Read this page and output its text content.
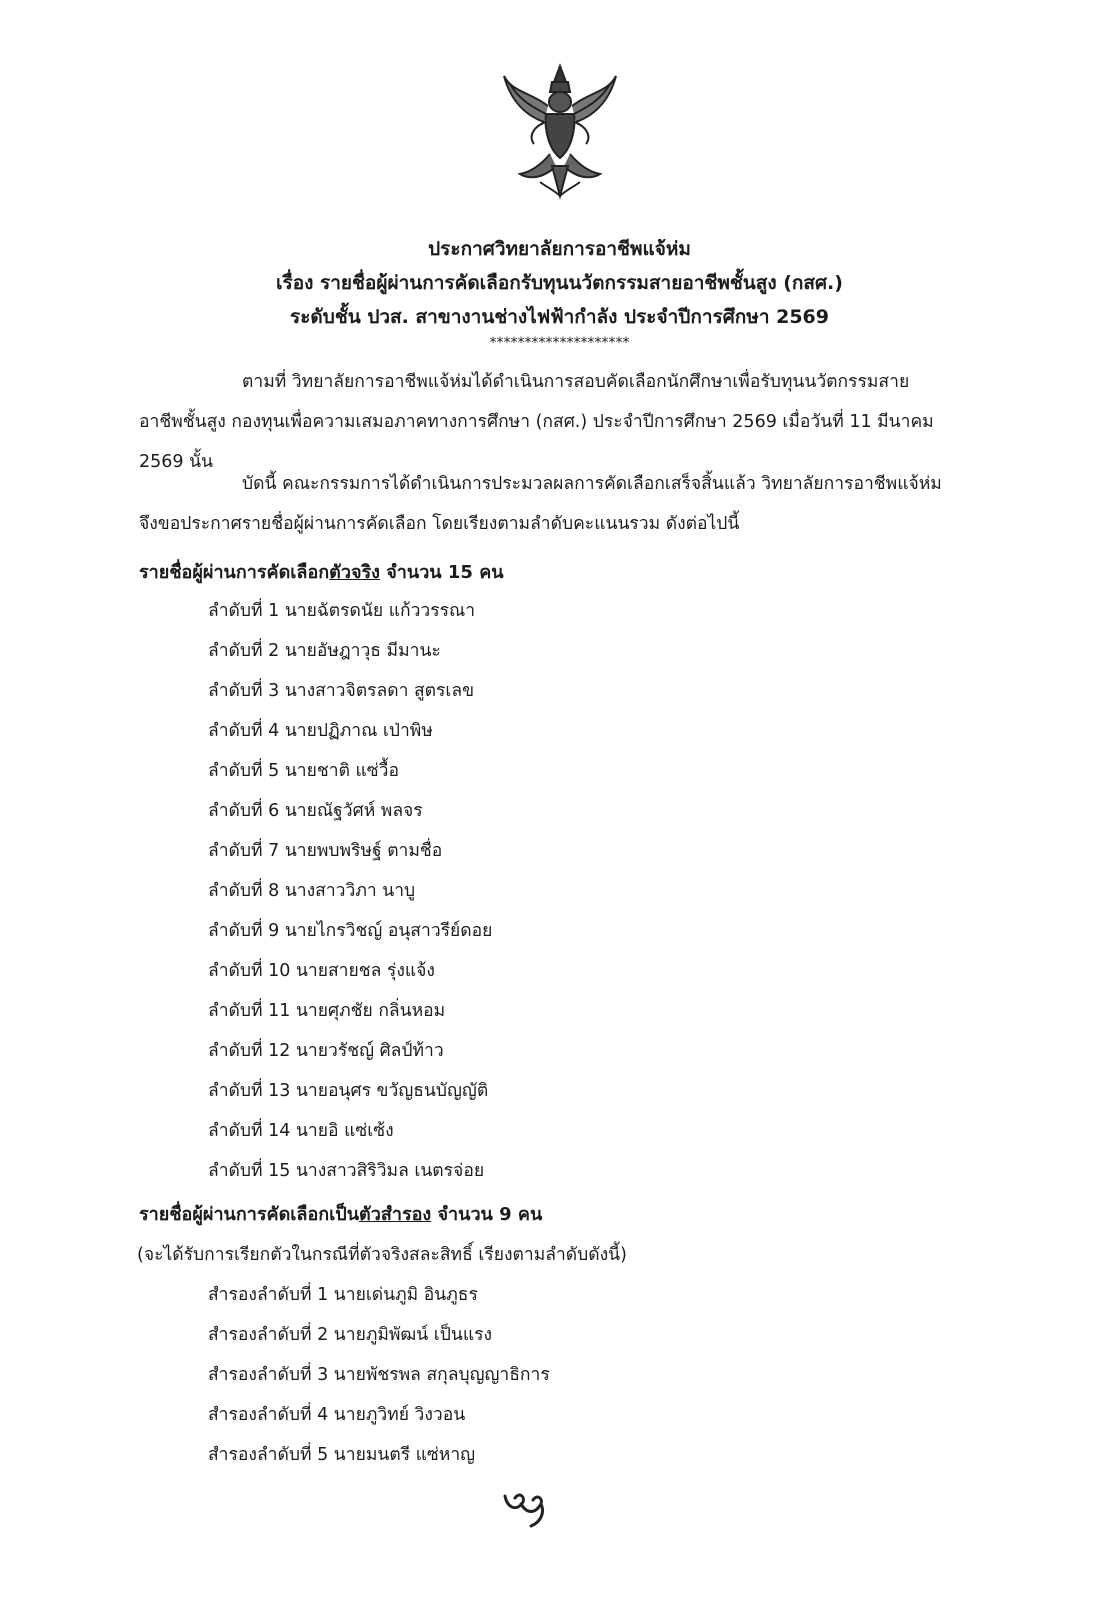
ประกาศวิทยาลัยการอาชีพแจ้ห่ม
เรื่อง รายชื่อผู้ผ่านการคัดเลือกรับทุนนวัตกรรมสายอาชีพชั้นสูง (กสศ.)
ระดับชั้น ปวส. สาขางานช่างไฟฟ้ากำลัง ประจำปีการศึกษา 2569
********************
ตามที่ วิทยาลัยการอาชีพแจ้ห่มได้ดำเนินการสอบคัดเลือกนักศึกษาเพื่อรับทุนนวัตกรรมสาย
อาชีพชั้นสูง กองทุนเพื่อความเสมอภาคทางการศึกษา (กสศ.) ประจำปีการศึกษา 2569 เมื่อวันที่ 11 มีนาคม
2569 นั้น
บัดนี้ คณะกรรมการได้ดำเนินการประมวลผลการคัดเลือกเสร็จสิ้นแล้ว วิทยาลัยการอาชีพแจ้ห่ม
จึงขอประกาศรายชื่อผู้ผ่านการคัดเลือก โดยเรียงตามลำดับคะแนนรวม ดังต่อไปนี้
รายชื่อผู้ผ่านการคัดเลือกตัวจริง จำนวน 15 คน
ลำดับที่ 1 นายฉัตรดนัย แก้ววรรณา
ลำดับที่ 2 นายอัษฎาวุธ มีมานะ
ลำดับที่ 3 นางสาวจิตรลดา สูตรเลข
ลำดับที่ 4 นายปฏิภาณ เป่าพิษ
ลำดับที่ 5 นายชาติ แซ่วื้อ
ลำดับที่ 6 นายณัฐวัศห์ พลจร
ลำดับที่ 7 นายพบพริษฐ์ ตามชื่อ
ลำดับที่ 8 นางสาววิภา นาบู
ลำดับที่ 9 นายไกรวิชญ์ อนุสาวรีย์ดอย
ลำดับที่ 10 นายสายชล รุ่งแจ้ง
ลำดับที่ 11 นายศุภชัย กลิ่นหอม
ลำดับที่ 12 นายวรัชญ์ ศิลป์ท้าว
ลำดับที่ 13 นายอนุศร ขวัญธนบัญญัติ
ลำดับที่ 14 นายอิ แซ่เซ้ง
ลำดับที่ 15 นางสาวสิริวิมล เนตรจ่อย
รายชื่อผู้ผ่านการคัดเลือกเป็นตัวสำรอง จำนวน 9 คน
(จะได้รับการเรียกตัวในกรณีที่ตัวจริงสละสิทธิ์ เรียงตามลำดับดังนี้)
สำรองลำดับที่ 1 นายเด่นภูมิ อินภูธร
สำรองลำดับที่ 2 นายภูมิพัฒน์ เป็นแรง
สำรองลำดับที่ 3 นายพัชรพล สกุลบุญญาธิการ
สำรองลำดับที่ 4 นายภูวิทย์ วิงวอน
สำรองลำดับที่ 5 นายมนตรี แซ่หาญ
